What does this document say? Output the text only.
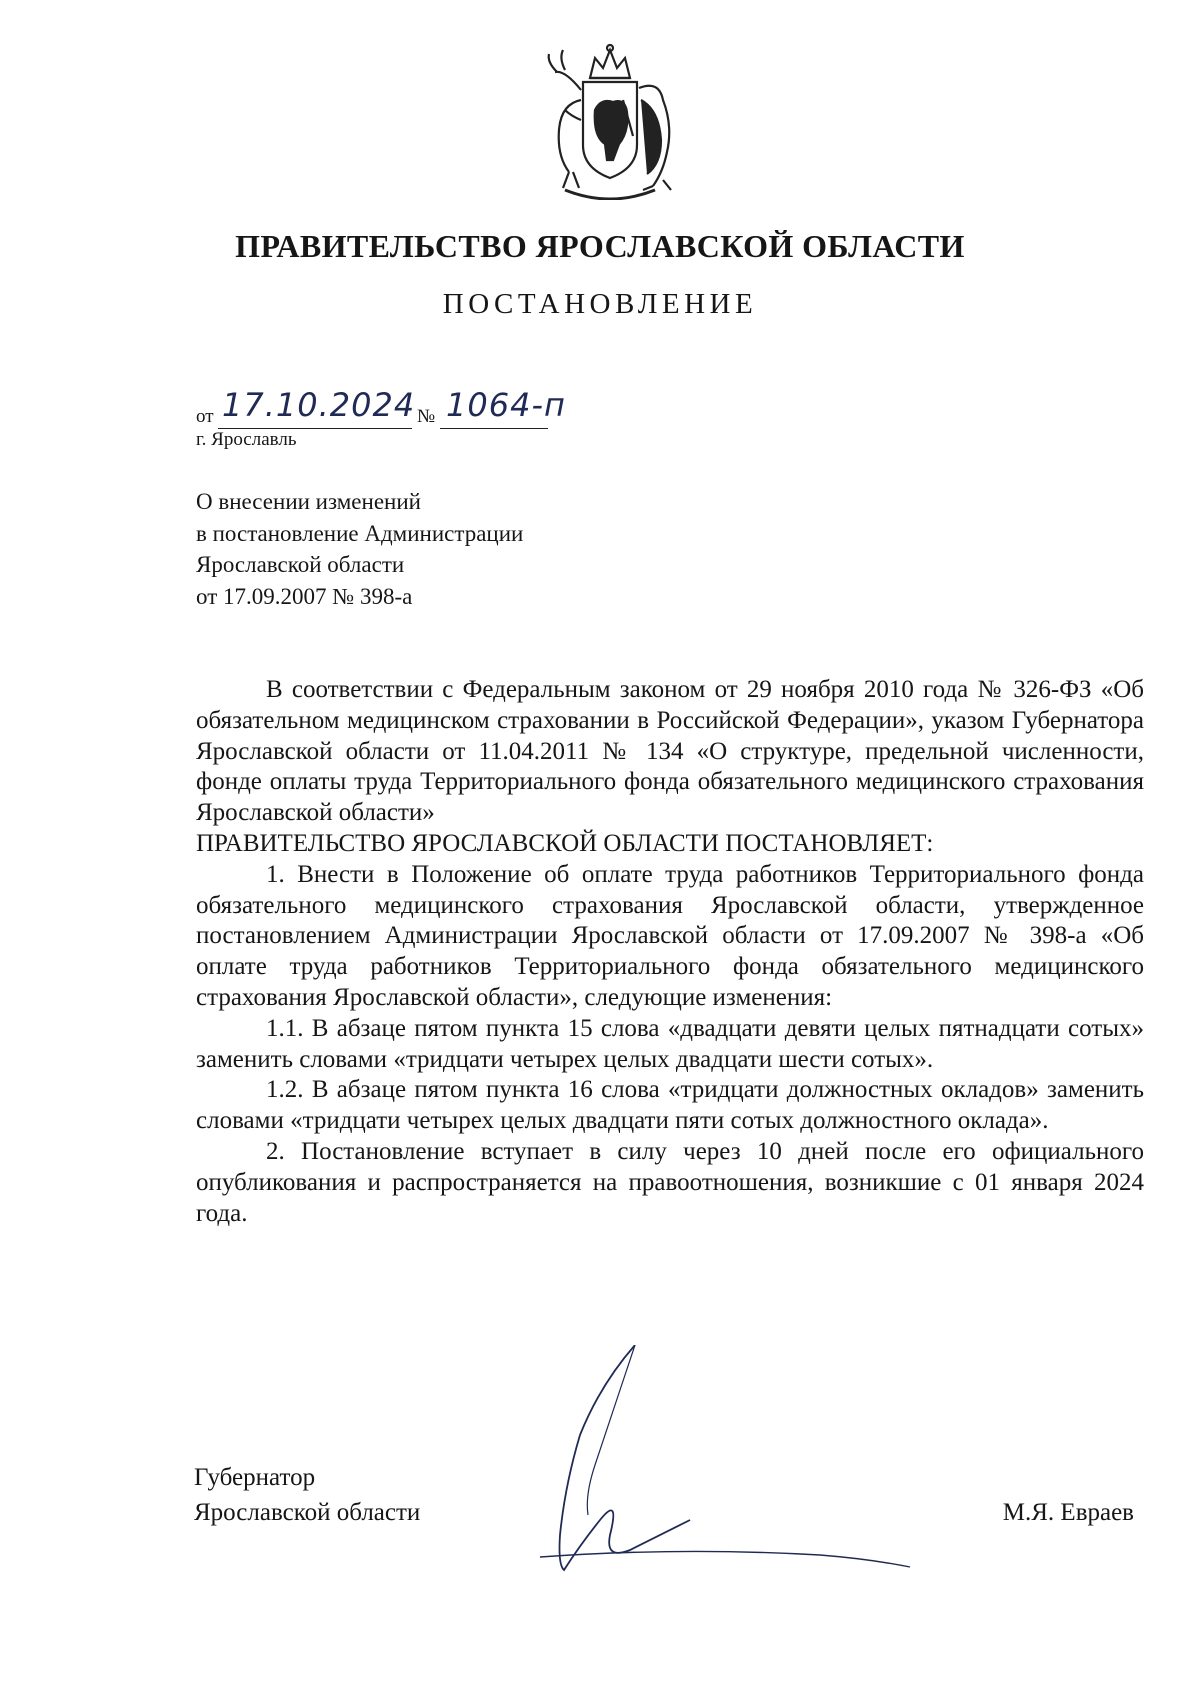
ПРАВИТЕЛЬСТВО ЯРОСЛАВСКОЙ ОБЛАСТИ
ПОСТАНОВЛЕНИЕ
от 17.10.2024 № 1064-п
г. Ярославль
О внесении изменений
в постановление Администрации
Ярославской области
от 17.09.2007 № 398-а

В соответствии с Федеральным законом от 29 ноября 2010 года № 326-ФЗ «Об обязательном медицинском страховании в Российской Федерации», указом Губернатора Ярославской области от 11.04.2011 № 134 «О структуре, предельной численности, фонде оплаты труда Территориального фонда обязательного медицинского страхования Ярославской области»

ПРАВИТЕЛЬСТВО ЯРОСЛАВСКОЙ ОБЛАСТИ ПОСТАНОВЛЯЕТ:

1. Внести в Положение об оплате труда работников Территориального фонда обязательного медицинского страхования Ярославской области, утвержденное постановлением Администрации Ярославской области от 17.09.2007 № 398-а «Об оплате труда работников Территориального фонда обязательного медицинского страхования Ярославской области», следующие изменения:

1.1. В абзаце пятом пункта 15 слова «двадцати девяти целых пятнадцати сотых» заменить словами «тридцати четырех целых двадцати шести сотых».

1.2. В абзаце пятом пункта 16 слова «тридцати должностных окладов» заменить словами «тридцати четырех целых двадцати пяти сотых должностного оклада».

2. Постановление вступает в силу через 10 дней после его официального опубликования и распространяется на правоотношения, возникшие с 01 января 2024 года.

Губернатор
Ярославской области	М.Я. Евраев
